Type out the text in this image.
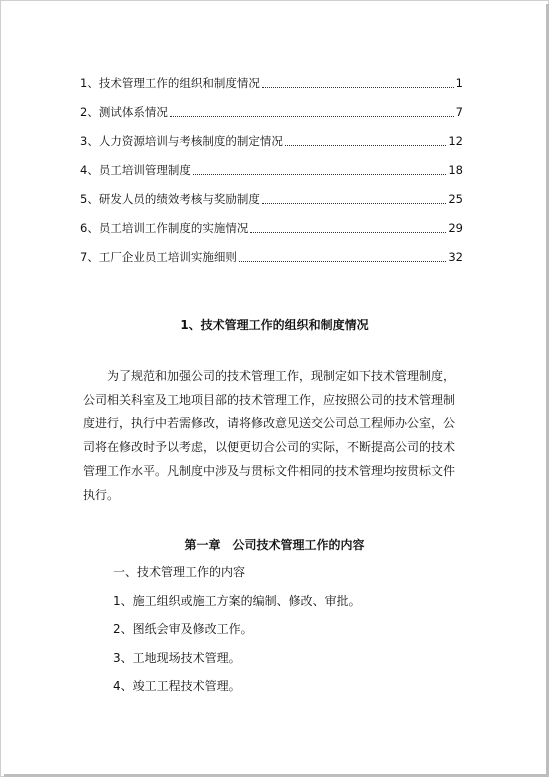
1、技术管理工作的组织和制度情况	1
2、测试体系情况	7
3、人力资源培训与考核制度的制定情况	12
4、员工培训管理制度	18
5、研发人员的绩效考核与奖励制度	25
6、员工培训工作制度的实施情况	29
7、工厂企业员工培训实施细则	32
1、技术管理工作的组织和制度情况

为了规范和加强公司的技术管理工作，现制定如下技术管理制度，公司相关科室及工地项目部的技术管理工作，应按照公司的技术管理制度进行，执行中若需修改，请将修改意见送交公司总工程师办公室，公司将在修改时予以考虑，以便更切合公司的实际，不断提高公司的技术管理工作水平。凡制度中涉及与贯标文件相同的技术管理均按贯标文件执行。

第一章　公司技术管理工作的内容
一、技术管理工作的内容
1、施工组织或施工方案的编制、修改、审批。
2、图纸会审及修改工作。
3、工地现场技术管理。
4、竣工工程技术管理。
